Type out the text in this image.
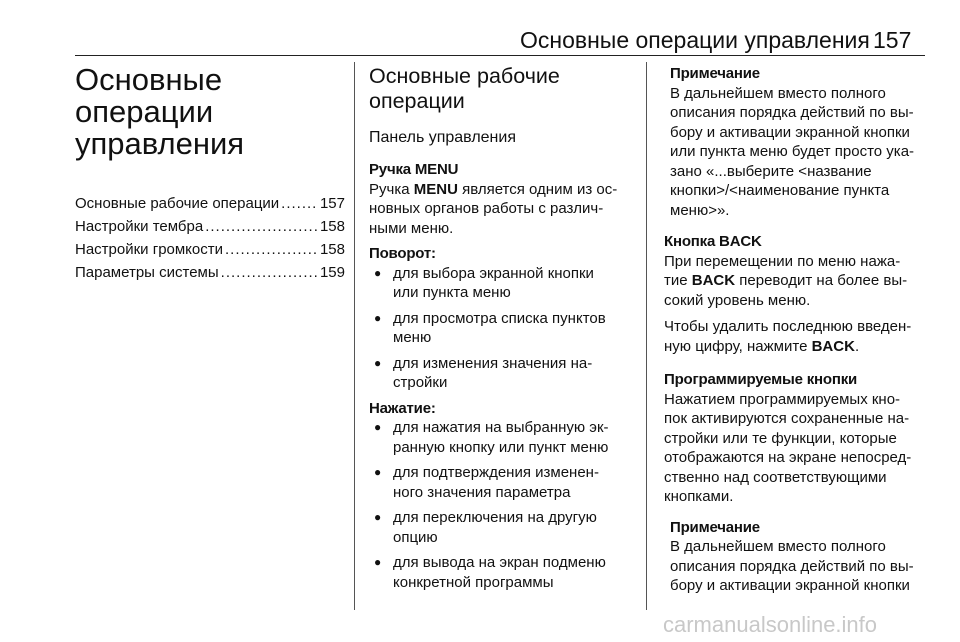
Основные операции управления 157
Основные
операции
управления
Основные рабочие операции .....	157
Настройки тембра .....	158
Настройки громкости .....	158
Параметры системы .....	159
Основные рабочие
операции
Панель управления
Ручка MENU

Ручка MENU является одним из ос-
новных органов работы с различ-
ными меню.

Поворот:
● для выбора экранной кнопки
или пункта меню
● для просмотра списка пунктов
меню
● для изменения значения на-
стройки
Нажатие:
● для нажатия на выбранную эк-
ранную кнопку или пункт меню
● для подтверждения изменен-
ного значения параметра
● для переключения на другую
опцию
● для вывода на экран подменю
конкретной программы
Примечание

В дальнейшем вместо полного
описания порядка действий по вы-
бору и активации экранной кнопки
или пункта меню будет просто ука-
зано «...выберите <название
кнопки>/<наименование пункта
меню>».

Кнопка BACK

При перемещении по меню нажа-
тие BACK переводит на более вы-
сокий уровень меню.

Чтобы удалить последнюю введен-
ную цифру, нажмите BACK.

Программируемые кнопки

Нажатием программируемых кно-
пок активируются сохраненные на-
стройки или те функции, которые
отображаются на экране непосред-
ственно над соответствующими
кнопками.

Примечание

В дальнейшем вместо полного
описания порядка действий по вы-
бору и активации экранной кнопки

carmanualsonline.info
